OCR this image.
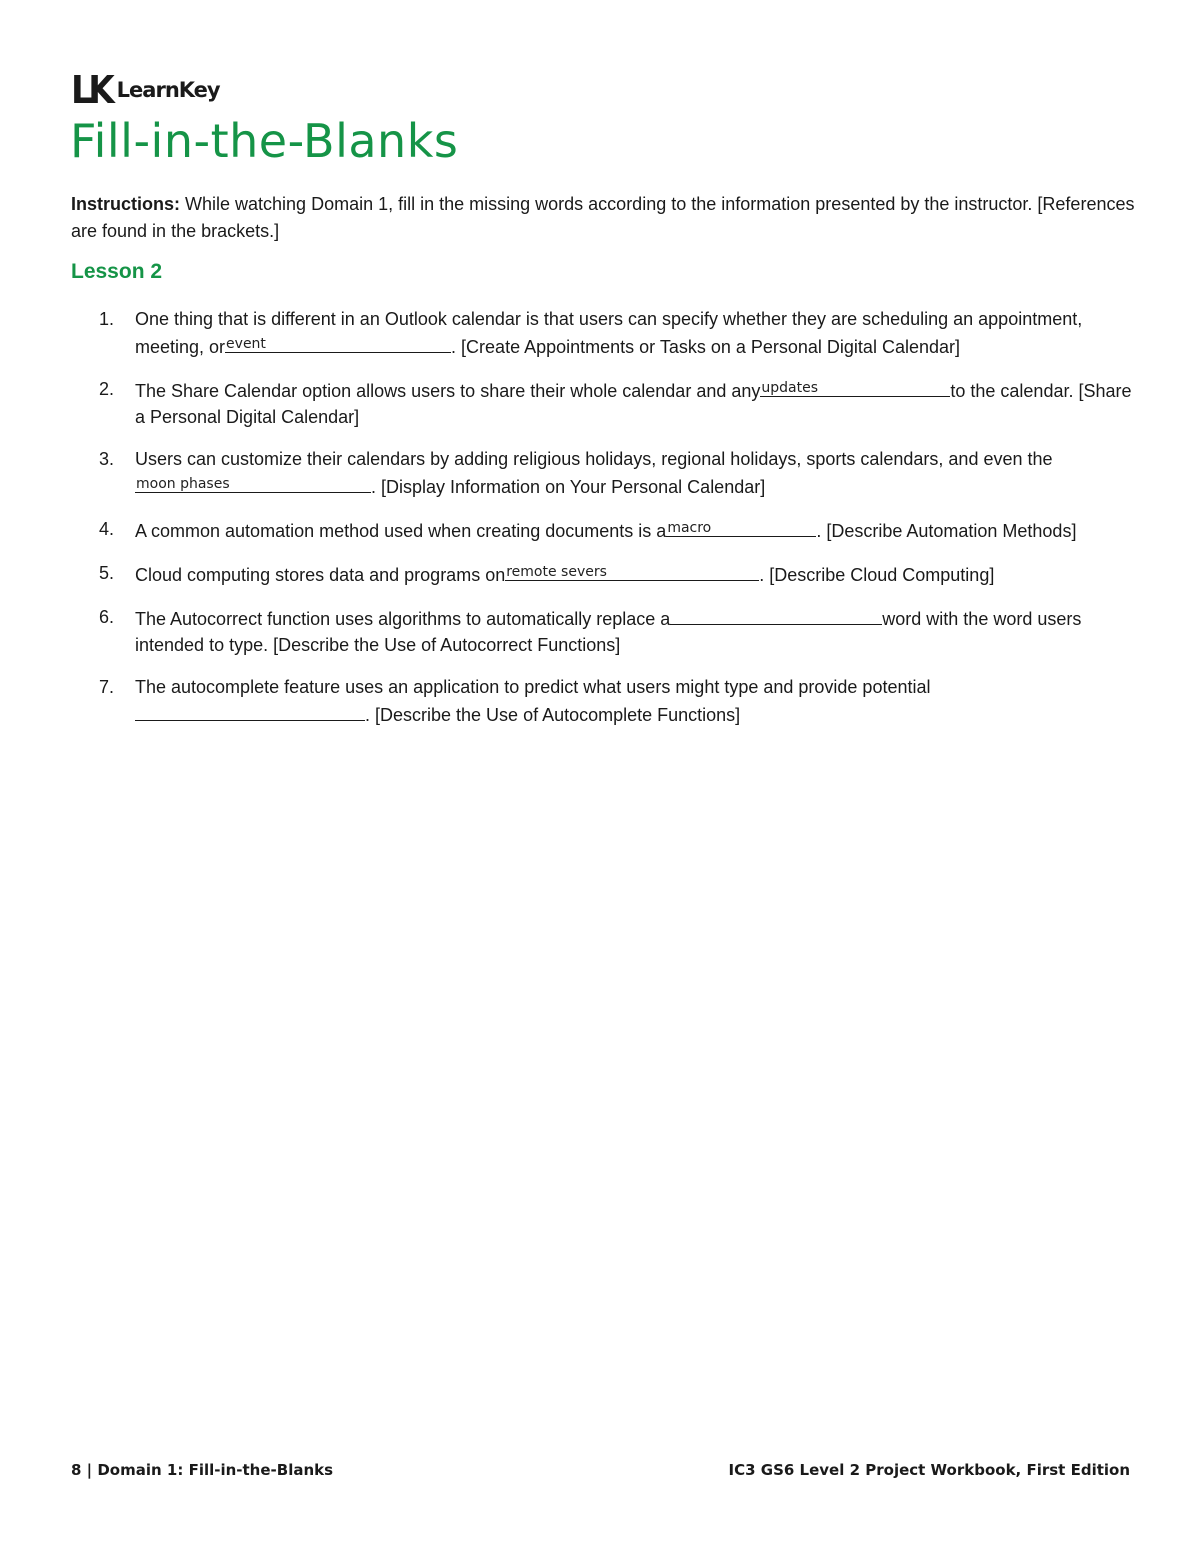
LK LearnKey
Fill-in-the-Blanks

Instructions: While watching Domain 1, fill in the missing words according to the information presented by the instructor. [References are found in the brackets.]

Lesson 2
1. One thing that is different in an Outlook calendar is that users can specify whether they are scheduling an appointment, meeting, or event	. [Create Appointments or Tasks on a Personal Digital Calendar]
2. The Share Calendar option allows users to share their whole calendar and any updates	to the calendar. [Share a Personal Digital Calendar]
3. Users can customize their calendars by adding religious holidays, regional holidays, sports calendars, and even the
moon phases	. [Display Information on Your Personal Calendar]
4. A common automation method used when creating documents is a macro	. [Describe Automation Methods]
5. Cloud computing stores data and programs on remote severs	. [Describe Cloud Computing]
6. The Autocorrect function uses algorithms to automatically replace a	word with the word users intended to type. [Describe the Use of Autocorrect Functions]
7. The autocomplete feature uses an application to predict what users might type and provide potential
. [Describe the Use of Autocomplete Functions]
8 | Domain 1: Fill-in-the-Blanks	IC3 GS6 Level 2 Project Workbook, First Edition
